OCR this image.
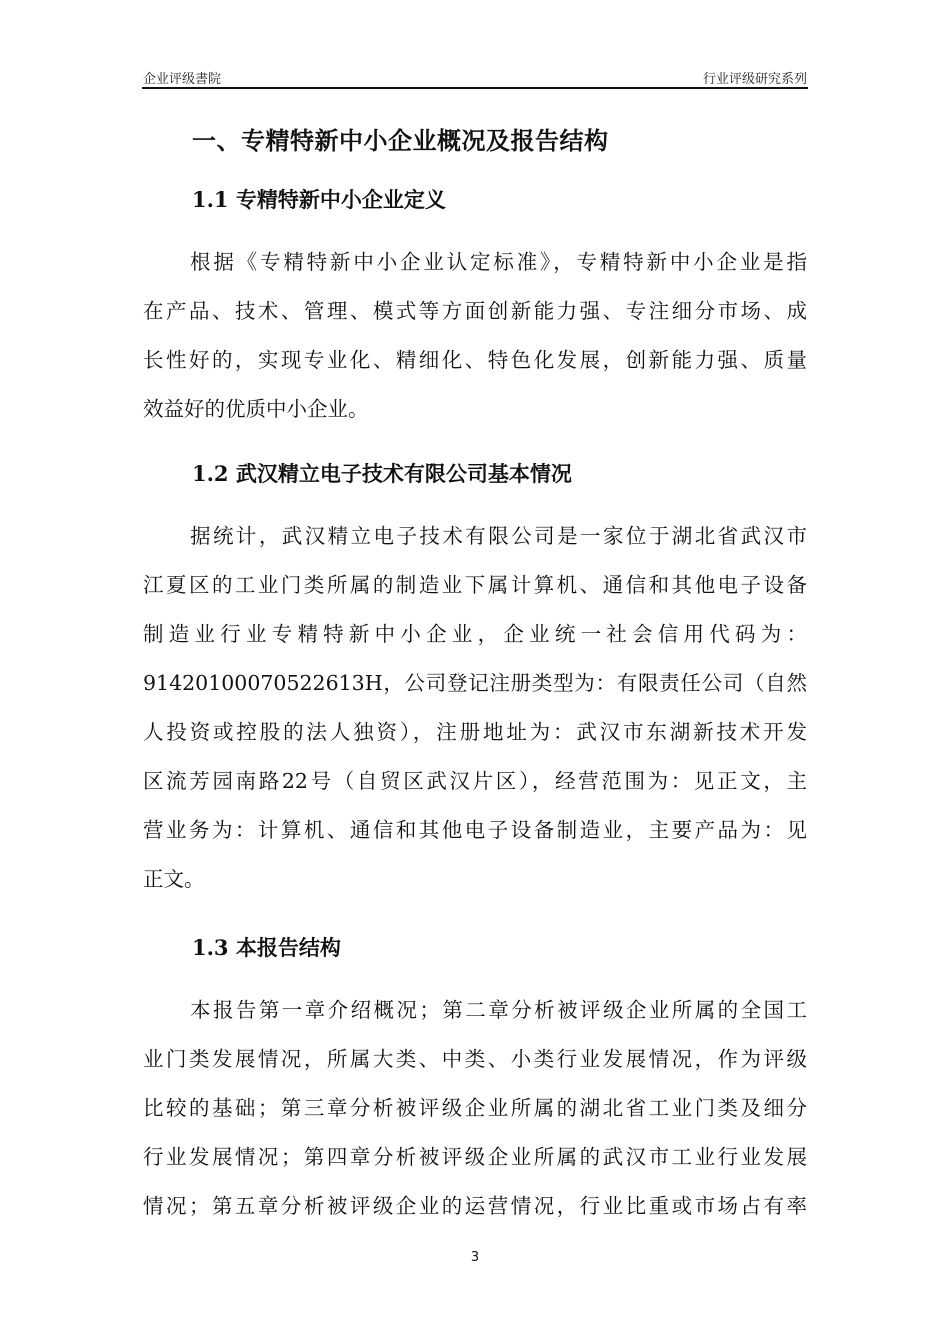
企业评级書院	行业评级研究系列
一、专精特新中小企业概况及报告结构
1.1 专精特新中小企业定义
根据《专精特新中小企业认定标准》，专精特新中小企业是指
在产品、技术、管理、模式等方面创新能力强、专注细分市场、成
长性好的，实现专业化、精细化、特色化发展，创新能力强、质量
效益好的优质中小企业。
1.2 武汉精立电子技术有限公司基本情况
据统计，武汉精立电子技术有限公司是一家位于湖北省武汉市
江夏区的工业门类所属的制造业下属计算机、通信和其他电子设备
制造业行业专精特新中小企业，企业统一社会信用代码为：
91420100070522613H，公司登记注册类型为：有限责任公司（自然
人投资或控股的法人独资），注册地址为：武汉市东湖新技术开发
区流芳园南路22号（自贸区武汉片区），经营范围为：见正文，主
营业务为：计算机、通信和其他电子设备制造业，主要产品为：见
正文。
1.3 本报告结构
本报告第一章介绍概况；第二章分析被评级企业所属的全国工
业门类发展情况，所属大类、中类、小类行业发展情况，作为评级
比较的基础；第三章分析被评级企业所属的湖北省工业门类及细分
行业发展情况；第四章分析被评级企业所属的武汉市工业行业发展
情况；第五章分析被评级企业的运营情况，行业比重或市场占有率
3
